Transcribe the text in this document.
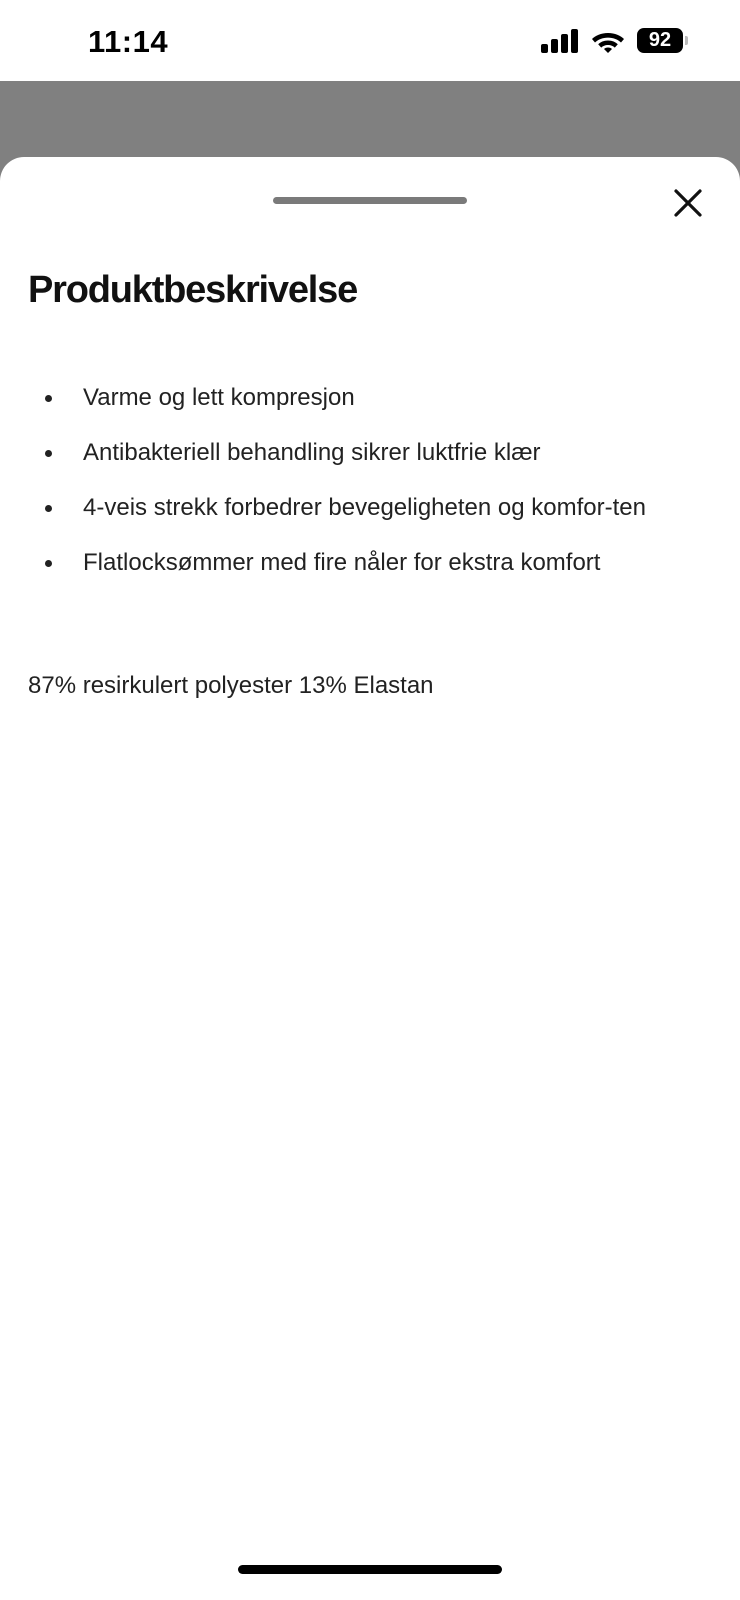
11:14	92
Produktbeskrivelse
Varme og lett kompresjon
Antibakteriell behandling sikrer luktfrie klær
4-veis strekk forbedrer bevegeligheten og komfor-ten
Flatlocksømmer med fire nåler for ekstra komfort
87% resirkulert polyester 13% Elastan
